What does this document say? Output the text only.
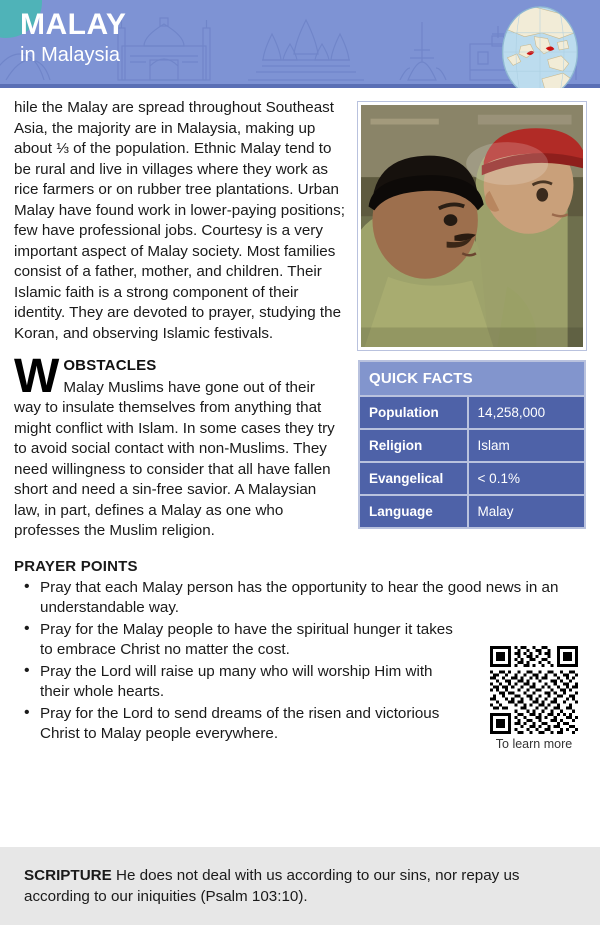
MALAY
in Malaysia
QUICK FACTS	
Population	14,258,000
Religion	Islam
Evangelical	< 0.1%
Language	Malay
W

hile the Malay are spread throughout Southeast Asia, the majority are in Malaysia, making up about ⅓ of the population. Ethnic Malay tend to be rural and live in villages where they work as rice farmers or on rubber tree plantations. Urban Malay have found work in lower-paying positions; few have professional jobs. Courtesy is a very important aspect of Malay society. Most families consist of a father, mother, and children. Their Islamic faith is a strong component of their identity. They are devoted to prayer, studying the Koran, and observing Islamic festivals.

OBSTACLES

Malay Muslims have gone out of their way to insulate themselves from anything that might conflict with Islam. In some cases they try to avoid social contact with non-Muslims. They need willingness to consider that all have fallen short and need a sin-free savior. A Malaysian law, in part, defines a Malay as one who professes the Muslim religion.

PRAYER POINTS
• Pray that each Malay person has the opportunity to hear the good news in an understandable way.
• Pray for the Malay people to have the spiritual hunger it takes to embrace Christ no matter the cost.
• Pray the Lord will raise up many who will worship Him with their whole hearts.
• Pray for the Lord to send dreams of the risen and victorious Christ to Malay people everywhere.
To learn more
SCRIPTURE He does not deal with us according to our sins, nor repay us according to our iniquities (Psalm 103:10).
